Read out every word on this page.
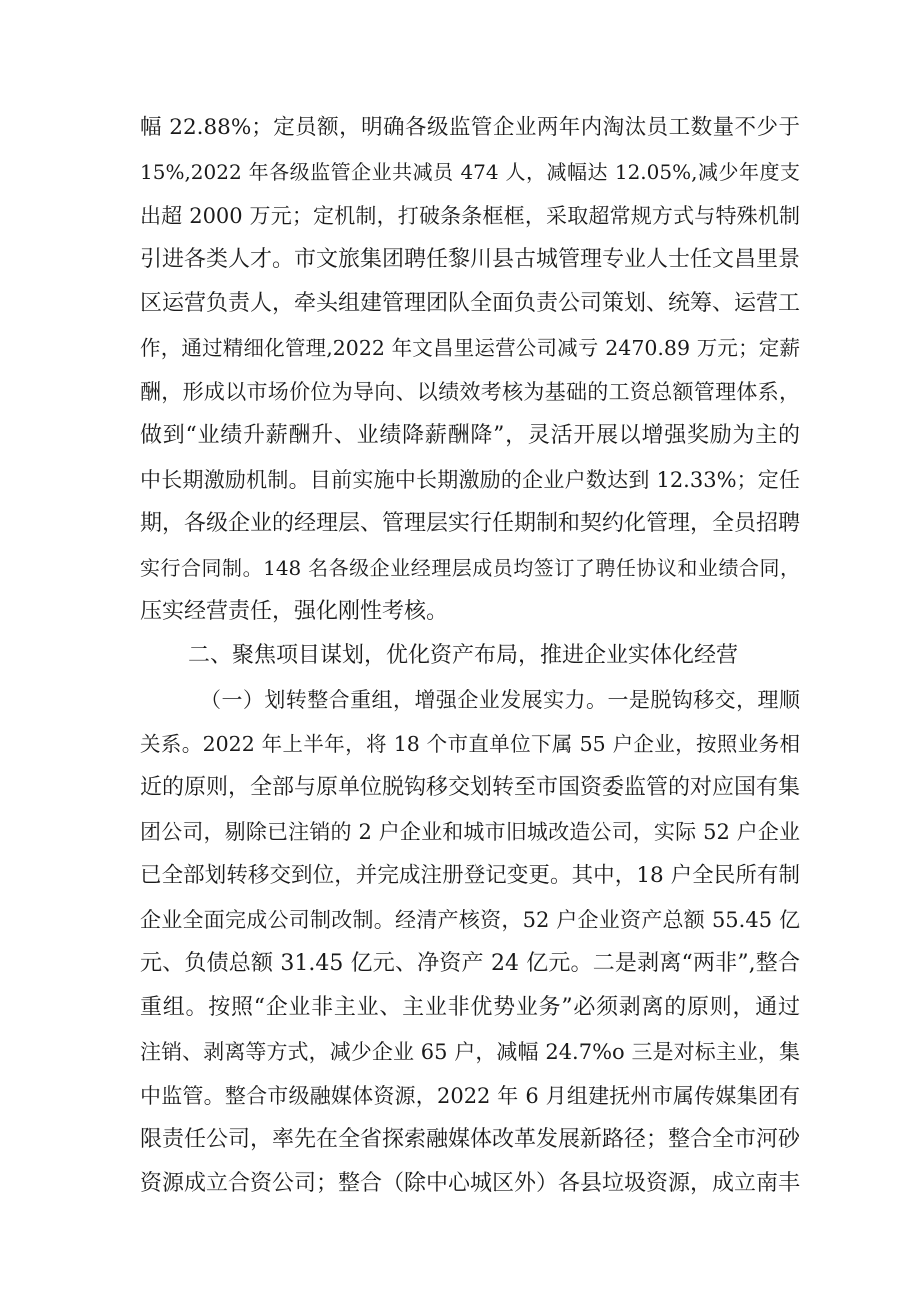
幅 22.88%；定员额，明确各级监管企业两年内淘汰员工数量不少于
15%,2022 年各级监管企业共减员 474 人，减幅达 12.05%,减少年度支
出超 2000 万元；定机制，打破条条框框，采取超常规方式与特殊机制
引进各类人才。市文旅集团聘任黎川县古城管理专业人士任文昌里景
区运营负责人，牵头组建管理团队全面负责公司策划、统筹、运营工
作，通过精细化管理,2022 年文昌里运营公司减亏 2470.89 万元；定薪
酬，形成以市场价位为导向、以绩效考核为基础的工资总额管理体系，
做到“业绩升薪酬升、业绩降薪酬降”，灵活开展以增强奖励为主的
中长期激励机制。目前实施中长期激励的企业户数达到 12.33%；定任
期，各级企业的经理层、管理层实行任期制和契约化管理，全员招聘
实行合同制。148 名各级企业经理层成员均签订了聘任协议和业绩合同，
压实经营责任，强化刚性考核。
二、聚焦项目谋划，优化资产布局，推进企业实体化经营
（一）划转整合重组，增强企业发展实力。一是脱钩移交，理顺
关系。2022 年上半年，将 18 个市直单位下属 55 户企业，按照业务相
近的原则，全部与原单位脱钩移交划转至市国资委监管的对应国有集
团公司，剔除已注销的 2 户企业和城市旧城改造公司，实际 52 户企业
已全部划转移交到位，并完成注册登记变更。其中，18 户全民所有制
企业全面完成公司制改制。经清产核资，52 户企业资产总额 55.45 亿
元、负债总额 31.45 亿元、净资产 24 亿元。二是剥离“两非”,整合
重组。按照“企业非主业、主业非优势业务”必须剥离的原则，通过
注销、剥离等方式，减少企业 65 户，减幅 24.7%o 三是对标主业，集
中监管。整合市级融媒体资源，2022 年 6 月组建抚州市属传媒集团有
限责任公司，率先在全省探索融媒体改革发展新路径；整合全市河砂
资源成立合资公司；整合（除中心城区外）各县垃圾资源，成立南丰
